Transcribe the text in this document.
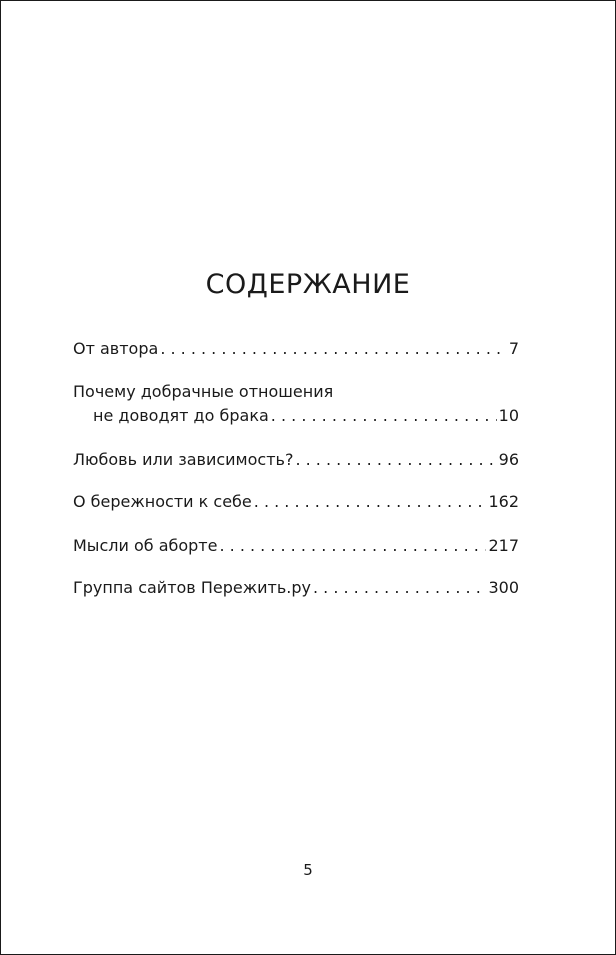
СОДЕРЖАНИЕ
От автора . . .	7
Почему добрачные отношения
не доводят до брака . . .	10
Любовь или зависимость? . . .	96
О бережности к себе . . .	162
Мысли об аборте . . .	217
Группа сайтов Пережить.ру . . .	300
5
